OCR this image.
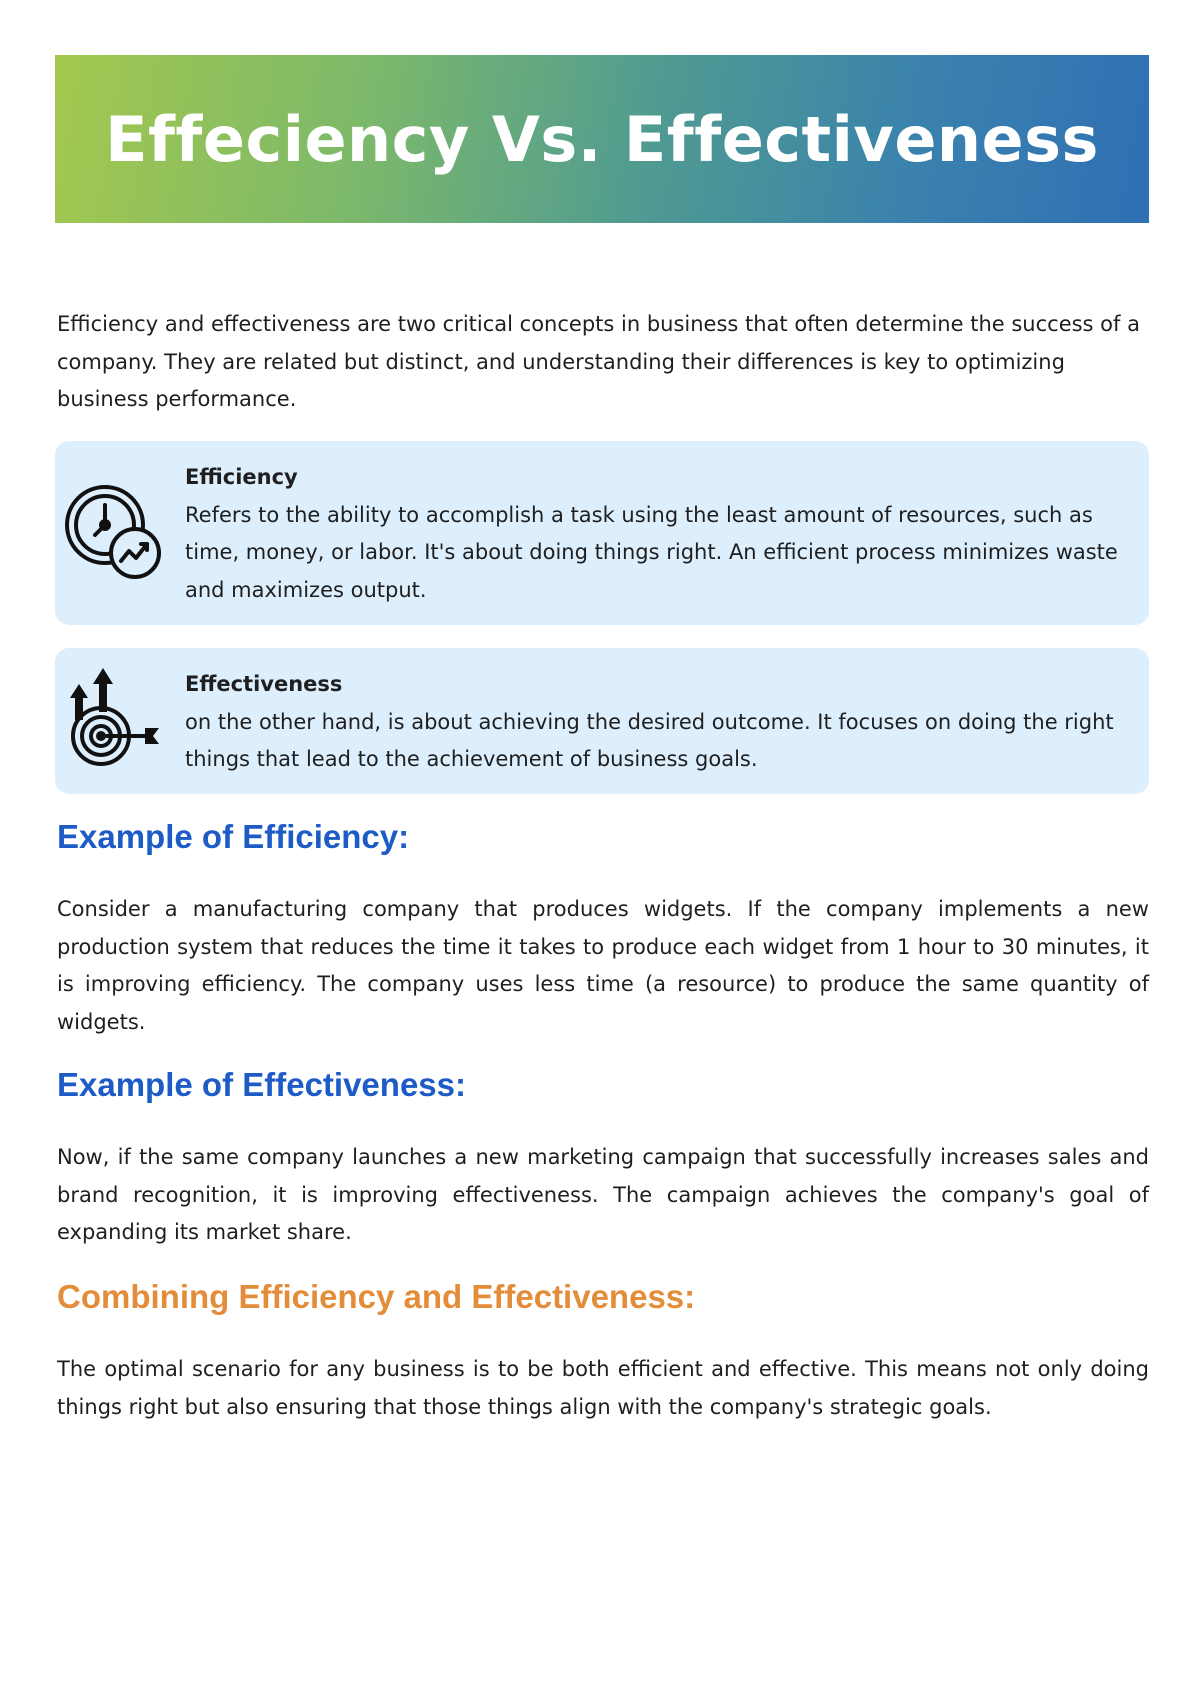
Effeciency Vs. Effectiveness

Efficiency and effectiveness are two critical concepts in business that often determine the success of a company. They are related but distinct, and understanding their differences is key to optimizing business performance.

Efficiency
Refers to the ability to accomplish a task using the least amount of resources, such as time, money, or labor. It's about doing things right. An efficient process minimizes waste and maximizes output.
Effectiveness
on the other hand, is about achieving the desired outcome. It focuses on doing the right things that lead to the achievement of business goals.
Example of Efficiency:

Consider a manufacturing company that produces widgets. If the company implements a new production system that reduces the time it takes to produce each widget from 1 hour to 30 minutes, it is improving efficiency. The company uses less time (a resource) to produce the same quantity of widgets.

Example of Effectiveness:

Now, if the same company launches a new marketing campaign that successfully increases sales and brand recognition, it is improving effectiveness. The campaign achieves the company's goal of expanding its market share.

Combining Efficiency and Effectiveness:

The optimal scenario for any business is to be both efficient and effective. This means not only doing things right but also ensuring that those things align with the company's strategic goals.
